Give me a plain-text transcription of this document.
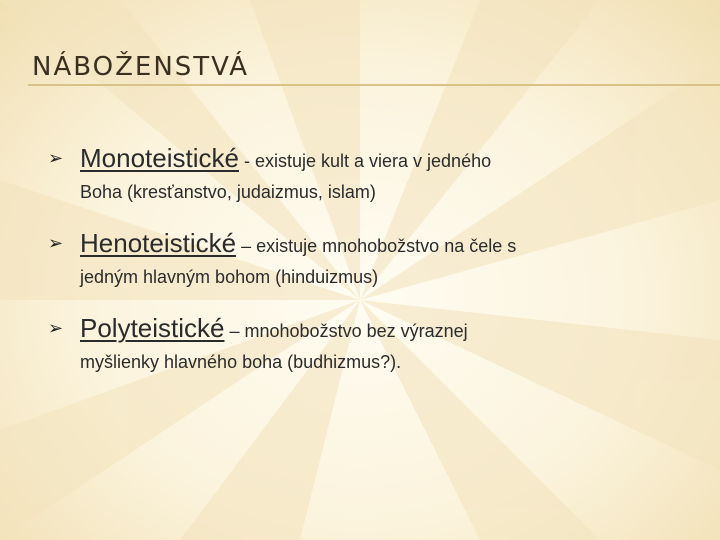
NÁBOŽENSTVÁ
➢ Monoteistické - existuje kult a viera v jedného
Boha (kresťanstvo, judaizmus, islam)
➢ Henoteistické – existuje mnohobožstvo na čele s
jedným hlavným bohom (hinduizmus)
➢ Polyteistické – mnohobožstvo bez výraznej
myšlienky hlavného boha (budhizmus?).
